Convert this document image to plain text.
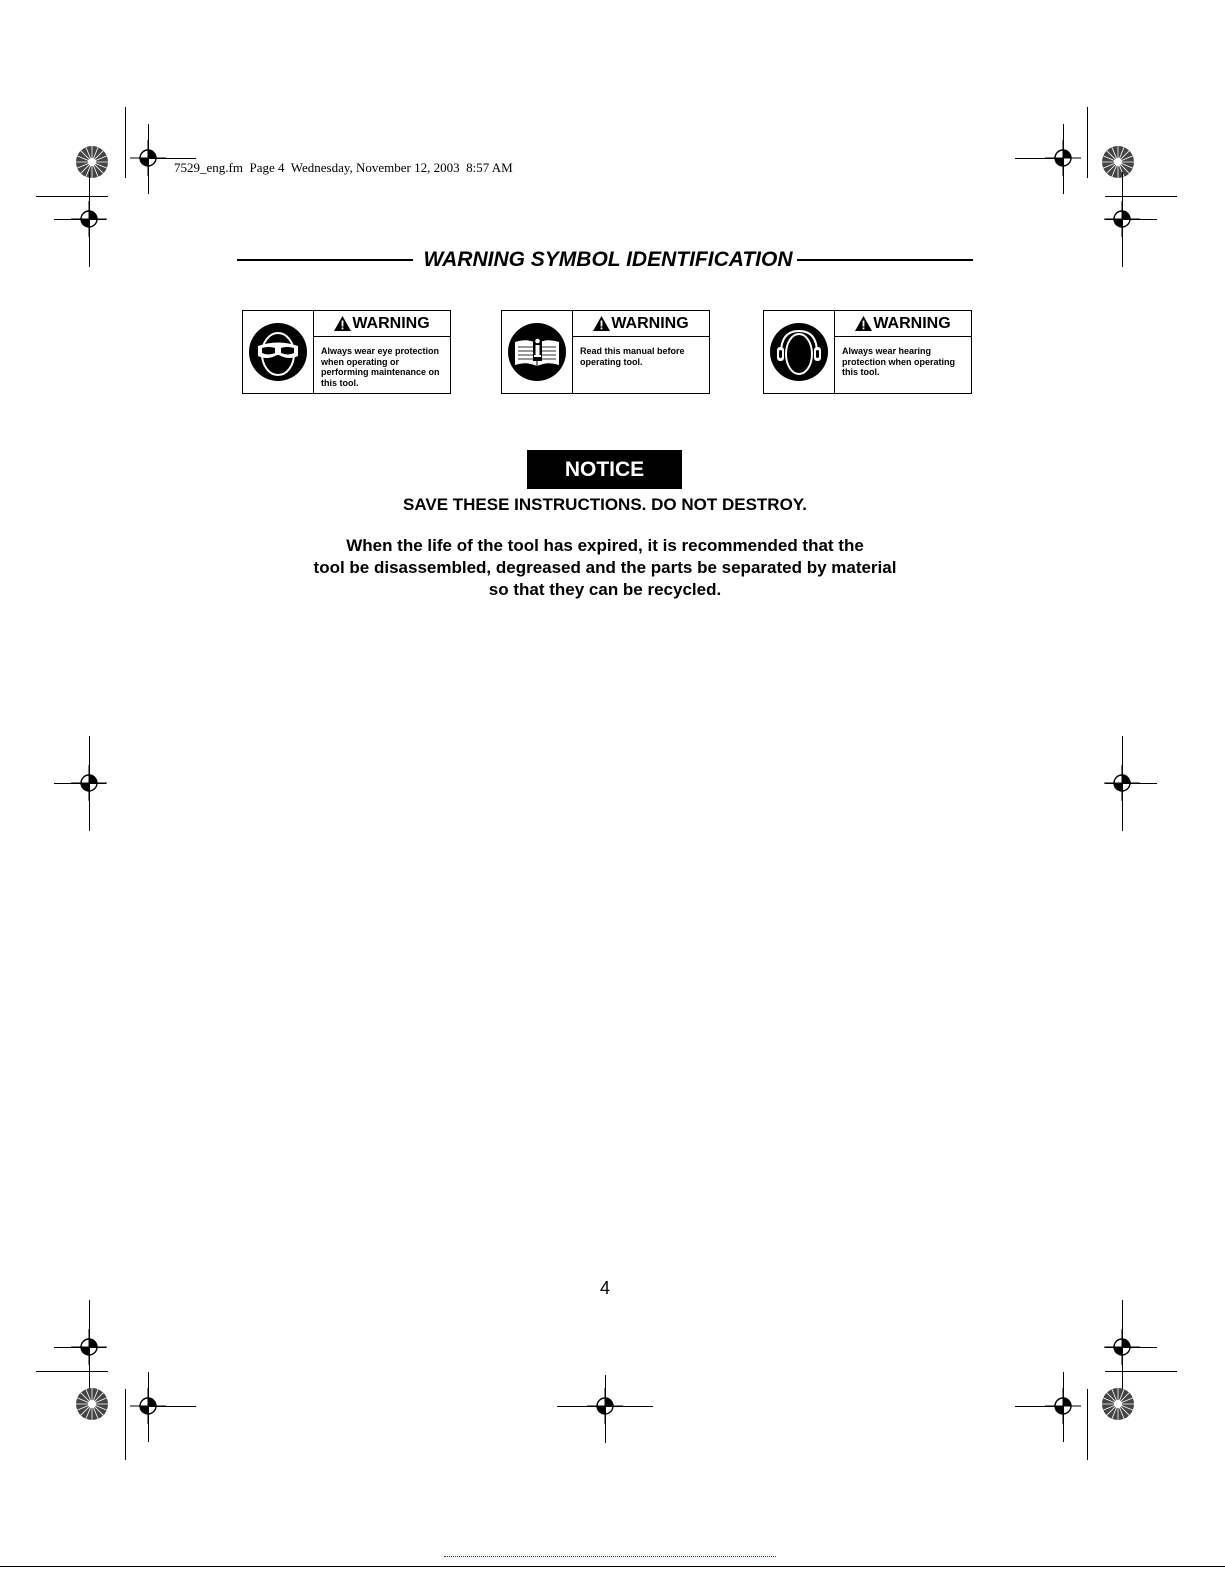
7529_eng.fm  Page 4  Wednesday, November 12, 2003  8:57 AM
WARNING SYMBOL IDENTIFICATION
WARNING
Always wear eye protection when operating or performing maintenance on this tool.
WARNING
Read this manual before operating tool.
WARNING
Always wear hearing protection when operating this tool.
NOTICE
SAVE THESE INSTRUCTIONS. DO NOT DESTROY.
When the life of the tool has expired, it is recommended that the
tool be disassembled, degreased and the parts be separated by material
so that they can be recycled.
4
